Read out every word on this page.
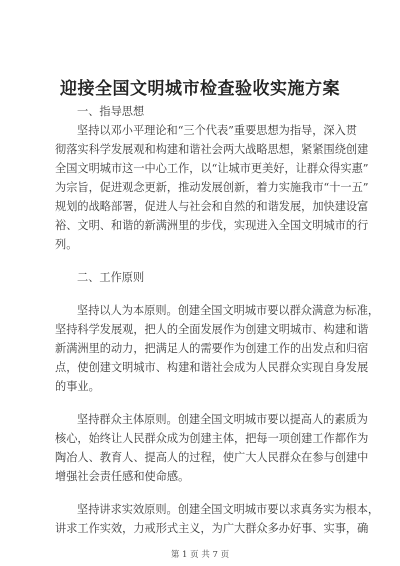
迎接全国文明城市检查验收实施方案
一、指导思想
坚持以邓小平理论和“三个代表”重要思想为指导，深入贯
彻落实科学发展观和构建和谐社会两大战略思想，紧紧围绕创建
全国文明城市这一中心工作，以“让城市更美好，让群众得实惠”
为宗旨，促进观念更新，推动发展创新，着力实施我市“十一五”
规划的战略部署，促进人与社会和自然的和谐发展，加快建设富
裕、文明、和谐的新满洲里的步伐，实现进入全国文明城市的行
列。
二、工作原则
坚持以人为本原则。创建全国文明城市要以群众满意为标准，
坚持科学发展观，把人的全面发展作为创建文明城市、构建和谐
新满洲里的动力，把满足人的需要作为创建工作的出发点和归宿
点，使创建文明城市、构建和谐社会成为人民群众实现自身发展
的事业。
坚持群众主体原则。创建全国文明城市要以提高人的素质为
核心，始终让人民群众成为创建主体，把每一项创建工作都作为
陶冶人、教育人、提高人的过程，使广大人民群众在参与创建中
增强社会责任感和使命感。
坚持讲求实效原则。创建全国文明城市要以求真务实为根本，
讲求工作实效，力戒形式主义，为广大群众多办好事、实事，确
第 1 页 共 7 页
